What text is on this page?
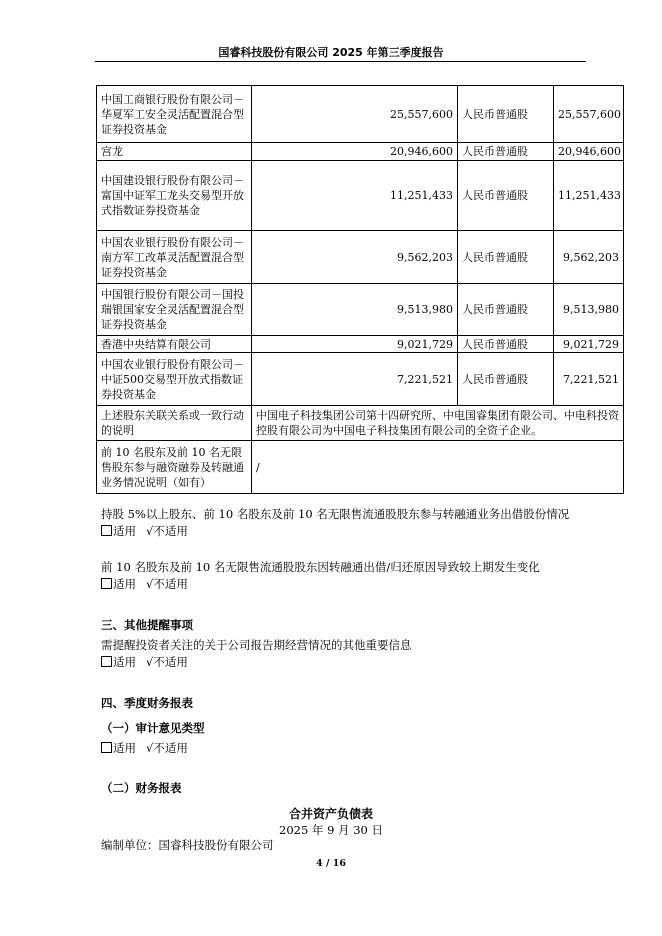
国睿科技股份有限公司 2025 年第三季度报告
中国工商银行股份有限公司－华夏军工安全灵活配置混合型证券投资基金	25,557,600	人民币普通股	25,557,600
宫龙	20,946,600	人民币普通股	20,946,600
中国建设银行股份有限公司－富国中证军工龙头交易型开放式指数证券投资基金	11,251,433	人民币普通股	11,251,433
中国农业银行股份有限公司－南方军工改革灵活配置混合型证券投资基金	9,562,203	人民币普通股	9,562,203
中国银行股份有限公司－国投瑞银国家安全灵活配置混合型证券投资基金	9,513,980	人民币普通股	9,513,980
香港中央结算有限公司	9,021,729	人民币普通股	9,021,729
中国农业银行股份有限公司－中证500交易型开放式指数证券投资基金	7,221,521	人民币普通股	7,221,521
上述股东关联关系或一致行动的说明	中国电子科技集团公司第十四研究所、中电国睿集团有限公司、中电科投资控股有限公司为中国电子科技集团有限公司的全资子企业。		
前 10 名股东及前 10 名无限售股东参与融资融券及转融通业务情况说明（如有）	/		
持股 5%以上股东、前 10 名股东及前 10 名无限售流通股股东参与转融通业务出借股份情况
适用 √不适用
前 10 名股东及前 10 名无限售流通股股东因转融通出借/归还原因导致较上期发生变化
适用 √不适用
三、其他提醒事项
需提醒投资者关注的关于公司报告期经营情况的其他重要信息
适用 √不适用
四、季度财务报表
（一）审计意见类型
适用 √不适用
（二）财务报表
合并资产负债表
2025 年 9 月 30 日
编制单位：国睿科技股份有限公司
4 / 16
